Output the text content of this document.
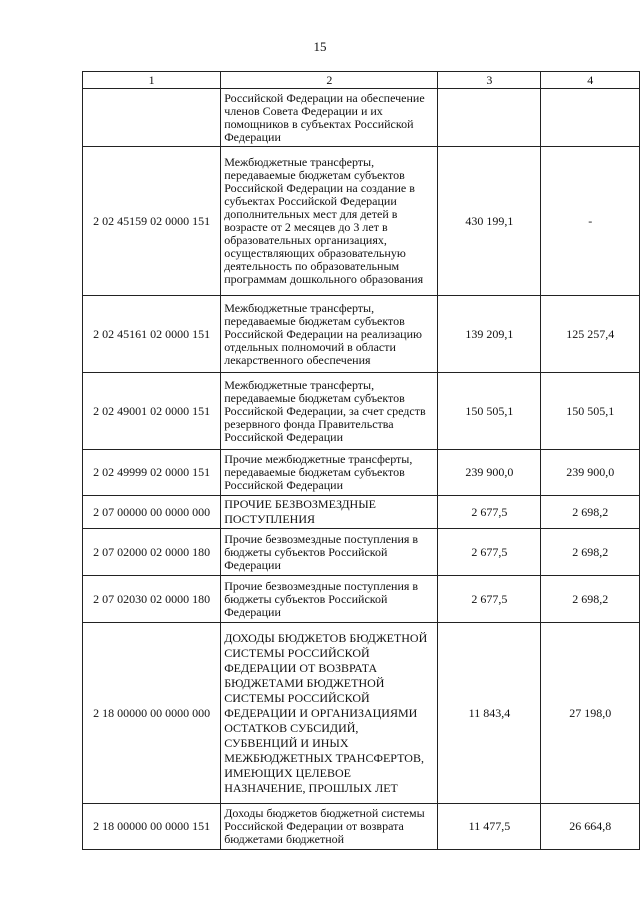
15
1	2	3	4
	Российской Федерации на обеспечение членов Совета Федерации и их помощников в субъектах Российской Федерации		
2 02 45159 02 0000 151	Межбюджетные трансферты, передаваемые бюджетам субъектов Российской Федерации на создание в субъектах Российской Федерации дополнительных мест для детей в возрасте от 2 месяцев до 3 лет в образовательных организациях, осуществляющих образовательную деятельность по образовательным программам дошкольного образования	430 199,1	-
2 02 45161 02 0000 151	Межбюджетные трансферты, передаваемые бюджетам субъектов Российской Федерации на реализацию отдельных полномочий в области лекарственного обеспечения	139 209,1	125 257,4
2 02 49001 02 0000 151	Межбюджетные трансферты, передаваемые бюджетам субъектов Российской Федерации, за счет средств резервного фонда Правительства Российской Федерации	150 505,1	150 505,1
2 02 49999 02 0000 151	Прочие межбюджетные трансферты, передаваемые бюджетам субъектов Российской Федерации	239 900,0	239 900,0
2 07 00000 00 0000 000	ПРОЧИЕ БЕЗВОЗМЕЗДНЫЕ ПОСТУПЛЕНИЯ	2 677,5	2 698,2
2 07 02000 02 0000 180	Прочие безвозмездные поступления в бюджеты субъектов Российской Федерации	2 677,5	2 698,2
2 07 02030 02 0000 180	Прочие безвозмездные поступления в бюджеты субъектов Российской Федерации	2 677,5	2 698,2
2 18 00000 00 0000 000	ДОХОДЫ БЮДЖЕТОВ БЮДЖЕТНОЙ СИСТЕМЫ РОССИЙСКОЙ ФЕДЕРАЦИИ ОТ ВОЗВРАТА БЮДЖЕТАМИ БЮДЖЕТНОЙ СИСТЕМЫ РОССИЙСКОЙ ФЕДЕРАЦИИ И ОРГАНИЗАЦИЯМИ ОСТАТКОВ СУБСИДИЙ, СУБВЕНЦИЙ И ИНЫХ МЕЖБЮДЖЕТНЫХ ТРАНСФЕРТОВ, ИМЕЮЩИХ ЦЕЛЕВОЕ НАЗНАЧЕНИЕ, ПРОШЛЫХ ЛЕТ	11 843,4	27 198,0
2 18 00000 00 0000 151	Доходы бюджетов бюджетной системы Российской Федерации от возврата бюджетами бюджетной	11 477,5	26 664,8
